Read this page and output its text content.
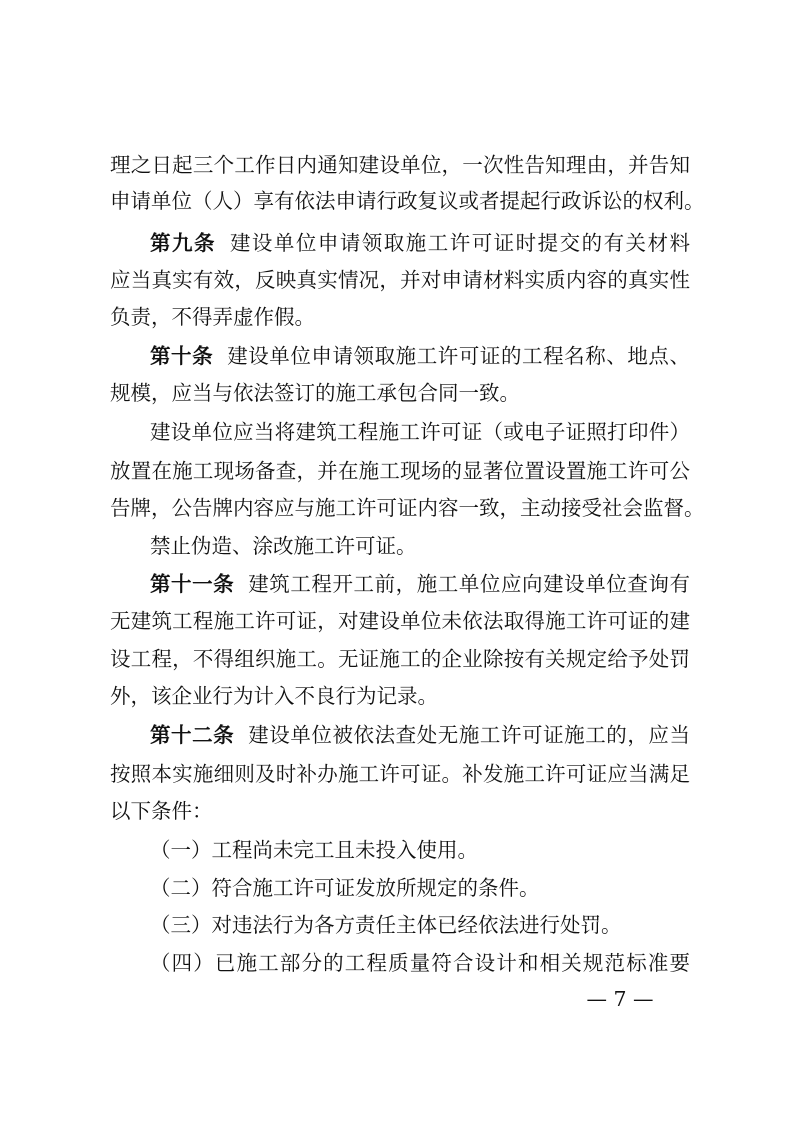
理之日起三个工作日内通知建设单位，一次性告知理由，并告知
申请单位（人）享有依法申请行政复议或者提起行政诉讼的权利。
第九条 建设单位申请领取施工许可证时提交的有关材料
应当真实有效，反映真实情况，并对申请材料实质内容的真实性
负责，不得弄虚作假。
第十条 建设单位申请领取施工许可证的工程名称、地点、
规模，应当与依法签订的施工承包合同一致。
建设单位应当将建筑工程施工许可证（或电子证照打印件）
放置在施工现场备查，并在施工现场的显著位置设置施工许可公
告牌，公告牌内容应与施工许可证内容一致，主动接受社会监督。
禁止伪造、涂改施工许可证。
第十一条 建筑工程开工前，施工单位应向建设单位查询有
无建筑工程施工许可证，对建设单位未依法取得施工许可证的建
设工程，不得组织施工。无证施工的企业除按有关规定给予处罚
外，该企业行为计入不良行为记录。
第十二条 建设单位被依法查处无施工许可证施工的，应当
按照本实施细则及时补办施工许可证。补发施工许可证应当满足
以下条件：
（一）工程尚未完工且未投入使用。
（二）符合施工许可证发放所规定的条件。
（三）对违法行为各方责任主体已经依法进行处罚。
（四）已施工部分的工程质量符合设计和相关规范标准要
— 7 —
